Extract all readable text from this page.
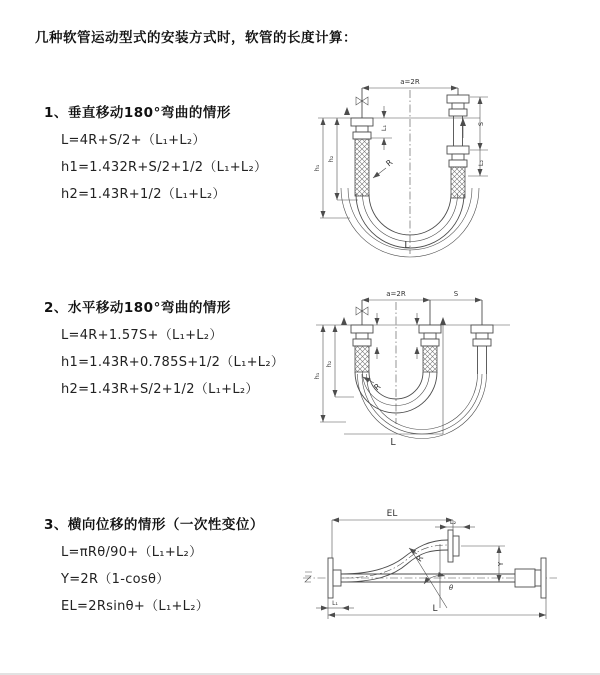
几种软管运动型式的安装方式时，软管的长度计算：
1、垂直移动180°弯曲的情形

L=4R+S/2+（L₁+L₂）

h1=1.432R+S/2+1/2（L₁+L₂）

h2=1.43R+1/2（L₁+L₂）

a=2R
L₁
S
L₂
R
h₁
h₂
L
2、水平移动180°弯曲的情形

L=4R+1.57S+（L₁+L₂）

h1=1.43R+0.785S+1/2（L₁+L₂）

h2=1.43R+S/2+1/2（L₁+L₂）

a=2R	S
R
h₁
h₂
L
3、横向位移的情形（一次性变位）

L=πRθ/90+（L₁+L₂）

Y=2R（1-cosθ）

EL=2Rsinθ+（L₁+L₂）

EL
L₂
R
θ
Y
L₁
L
